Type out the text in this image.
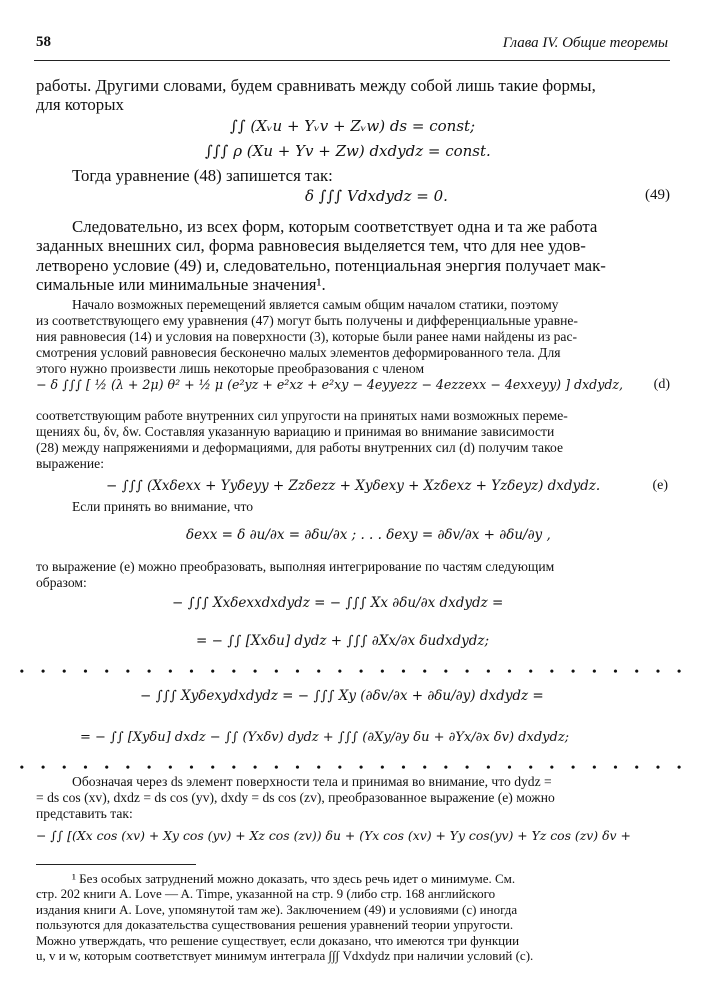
58	Глава IV. Общие теоремы

работы. Другими словами, будем сравнивать между собой лишь такие формы,

для которых

∫∫ (Xᵥu + Yᵥv + Zᵥw) ds = const;
∫∫∫ ρ (Xu + Yv + Zw) dxdydz = const.
Тогда уравнение (48) запишется так:
δ ∫∫∫ Vdxdydz = 0.	(49)

Следовательно, из всех форм, которым соответствует одна и та же работа

заданных внешних сил, форма равновесия выделяется тем, что для нее удов-

летворено условие (49) и, следовательно, потенциальная энергия получает мак-

симальные или минимальные значения¹.

Начало возможных перемещений является самым общим началом статики, поэтому

из соответствующего ему уравнения (47) могут быть получены и дифференциальные уравне-

ния равновесия (14) и условия на поверхности (3), которые были ранее нами найдены из рас-

смотрения условий равновесия бесконечно малых элементов деформированного тела. Для

этого нужно произвести лишь некоторые преобразования с членом

− δ ∫∫∫ [ ½ (λ + 2μ) θ² + ½ μ (e²yz + e²xz + e²xy − 4eyyezz − 4ezzexx − 4exxeyy) ] dxdydz, (d)

соответствующим работе внутренних сил упругости на принятых нами возможных переме-

щениях δu, δv, δw. Составляя указанную вариацию и принимая во внимание зависимости

(28) между напряжениями и деформациями, для работы внутренних сил (d) получим такое

выражение:

− ∫∫∫ (Xxδexx + Yyδeyy + Zzδezz + Xyδexy + Xzδexz + Yzδeyz) dxdydz.	(e)
Если принять во внимание, что
δexx = δ ∂u/∂x = ∂δu/∂x ; . . . δexy = ∂δv/∂x + ∂δu/∂y ,

то выражение (e) можно преобразовать, выполняя интегрирование по частям следующим

образом:

− ∫∫∫ Xxδexxdxdydz = − ∫∫∫ Xx ∂δu/∂x dxdydz =
= − ∫∫ [Xxδu] dydz + ∫∫∫ ∂Xx/∂x δudxdydz;
• • • • • • • • • • • • • • • • • • • • • • • • • • • • • • • •
− ∫∫∫ Xyδexydxdydz = − ∫∫∫ Xy (∂δv/∂x + ∂δu/∂y) dxdydz =
= − ∫∫ [Xyδu] dxdz − ∫∫ (Yxδv) dydz + ∫∫∫ (∂Xy/∂y δu + ∂Yx/∂x δv) dxdydz;
• • • • • • • • • • • • • • • • • • • • • • • • • • • • • • • •

Обозначая через ds элемент поверхности тела и принимая во внимание, что dydz =

= ds cos (xv), dxdz = ds cos (yv), dxdy = ds cos (zv), преобразованное выражение (e) можно

представить так:

− ∫∫ [(Xx cos (xv) + Xy cos (yv) + Xz cos (zv)) δu + (Yx cos (xv) + Yy cos(yv) + Yz cos (zv) δv +

¹ Без особых затруднений можно доказать, что здесь речь идет о минимуме. См.

стр. 202 книги A. Love — A. Timpe, указанной на стр. 9 (либо стр. 168 английского

издания книги A. Love, упомянутой там же). Заключением (49) и условиями (c) иногда

пользуются для доказательства существования решения уравнений теории упругости.

Можно утверждать, что решение существует, если доказано, что имеются три функции

u, v и w, которым соответствует минимум интеграла ∫∫∫ Vdxdydz при наличии условий (c).
